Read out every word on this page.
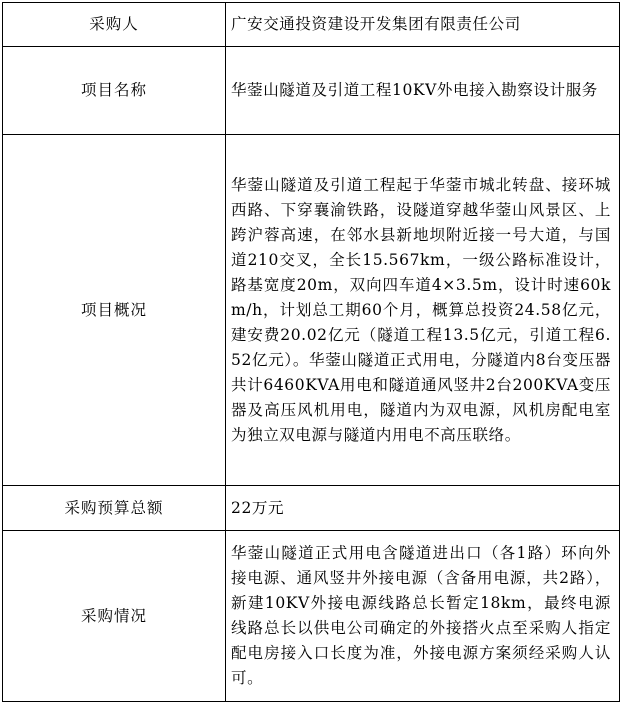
采购人	广安交通投资建设开发集团有限责任公司
项目名称	华蓥山隧道及引道工程10KV外电接入勘察设计服务
项目概况	华蓥山隧道及引道工程起于华蓥市城北转盘、接环城西路、下穿襄渝铁路，设隧道穿越华蓥山风景区、上跨沪蓉高速，在邻水县新地坝附近接一号大道，与国道210交叉，全长15.567km，一级公路标准设计，路基宽度20m，双向四车道4×3.5m，设计时速60km/h，计划总工期60个月，概算总投资24.58亿元，建安费20.02亿元（隧道工程13.5亿元，引道工程6.52亿元）。华蓥山隧道正式用电，分隧道内8台变压器共计6460KVA用电和隧道通风竖井2台200KVA变压器及高压风机用电，隧道内为双电源，风机房配电室为独立双电源与隧道内用电不高压联络。
采购预算总额	22万元
采购情况	华蓥山隧道正式用电含隧道进出口（各1路）环向外接电源、通风竖井外接电源（含备用电源，共2路），新建10KV外接电源线路总长暂定18km，最终电源线路总长以供电公司确定的外接搭火点至采购人指定配电房接入口长度为准，外接电源方案须经采购人认可。
